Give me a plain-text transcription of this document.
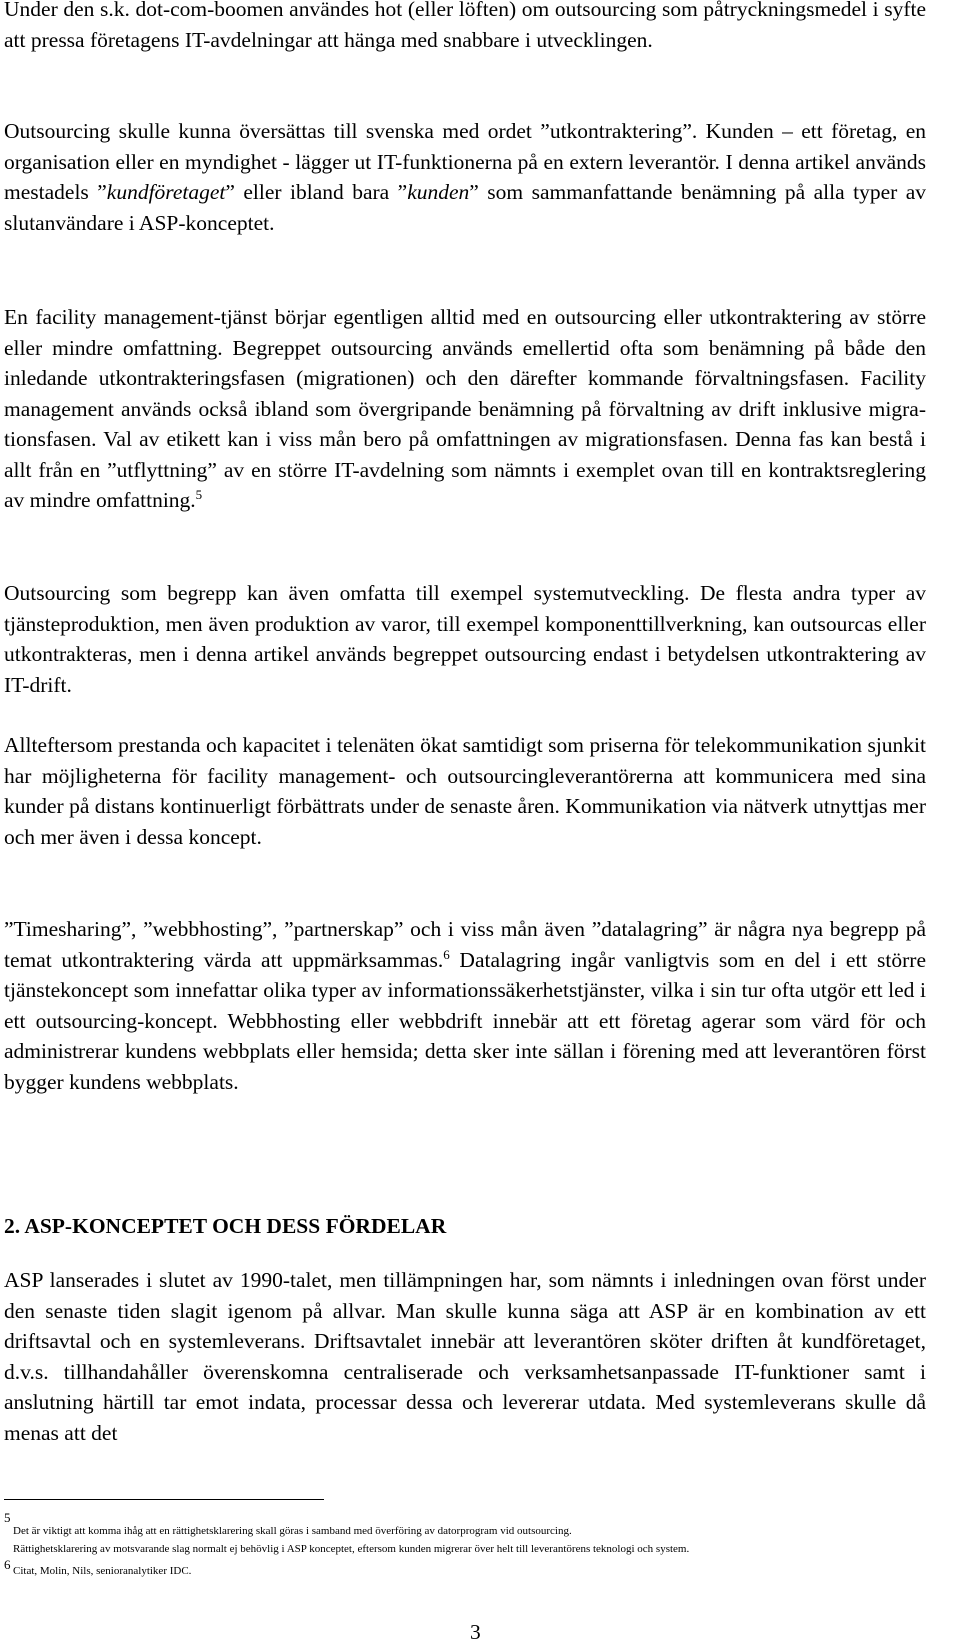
Under den s.k. dot-com-boomen användes hot (eller löften) om outsourcing som påtryckningsmedel i syfte att pressa företagens IT-avdelningar att hänga med snabbare i utvecklingen.

Outsourcing skulle kunna översättas till svenska med ordet ”utkontraktering”. Kunden – ett företag, en organisation eller en myndighet - lägger ut IT-funktionerna på en extern leverantör. I denna artikel används mestadels ”kundföretaget” eller ibland bara ”kunden” som sammanfattande benämning på alla typer av slutanvändare i ASP-konceptet.

En facility management-tjänst börjar egentligen alltid med en outsourcing eller utkontraktering av större eller mindre omfattning. Begreppet outsourcing används emellertid ofta som benämning på både den inledande utkontrakteringsfasen (migrationen) och den därefter kommande förvaltningsfasen. Facility management används också ibland som övergripande benämning på förvaltning av drift inklusive migrationsfasen. Val av etikett kan i viss mån bero på omfattningen av migrationsfasen. Denna fas kan bestå i allt från en ”utflyttning” av en större IT-avdelning som nämnts i exemplet ovan till en kontraktsreglering av mindre omfattning.$^5$

Outsourcing som begrepp kan även omfatta till exempel systemutveckling. De flesta andra typer av tjänsteproduktion, men även produktion av varor, till exempel komponenttillverkning, kan outsourcas eller utkontrakteras, men i denna artikel används begreppet outsourcing endast i betydelsen utkontraktering av IT-drift.

Allteftersom prestanda och kapacitet i telenäten ökat samtidigt som priserna för telekommunikation sjunkit har möjligheterna för facility management- och outsourcingleverantörerna att kommunicera med sina kunder på distans kontinuerligt förbättrats under de senaste åren. Kommunikation via nätverk utnyttjas mer och mer även i dessa koncept.

”Timesharing”, ”webbhosting”, ”partnerskap” och i viss mån även ”datalagring” är några nya begrepp på temat utkontraktering värda att uppmärksammas.$^6$ Datalagring ingår vanligtvis som en del i ett större tjänstekoncept som innefattar olika typer av informationssäkerhetstjänster, vilka i sin tur ofta utgör ett led i ett outsourcing-koncept. Webbhosting eller webbdrift innebär att ett företag agerar som värd för och administrerar kundens webbplats eller hemsida; detta sker inte sällan i förening med att leverantören först bygger kundens webbplats.

2. ASP-KONCEPTET OCH DESS FÖRDELAR

ASP lanserades i slutet av 1990-talet, men tillämpningen har, som nämnts i inledningen ovan först under den senaste tiden slagit igenom på allvar. Man skulle kunna säga att ASP är en kombination av ett driftsavtal och en systemleverans. Driftsavtalet innebär att leverantören sköter driften åt kundföretaget, d.v.s. tillhandahåller överenskomna centraliserade och verksamhetsanpassade IT-funktioner samt i anslutning härtill tar emot indata, processar dessa och levererar utdata. Med systemleverans skulle då menas att det

5
Det är viktigt att komma ihåg att en rättighetsklarering skall göras i samband med överföring av datorprogram vid outsourcing.
6
Rättighetsklarering av motsvarande slag normalt ej behövlig i ASP konceptet, eftersom kunden migrerar över helt till leverantörens teknologi och system.
Citat, Molin, Nils, senioranalytiker IDC.
3
